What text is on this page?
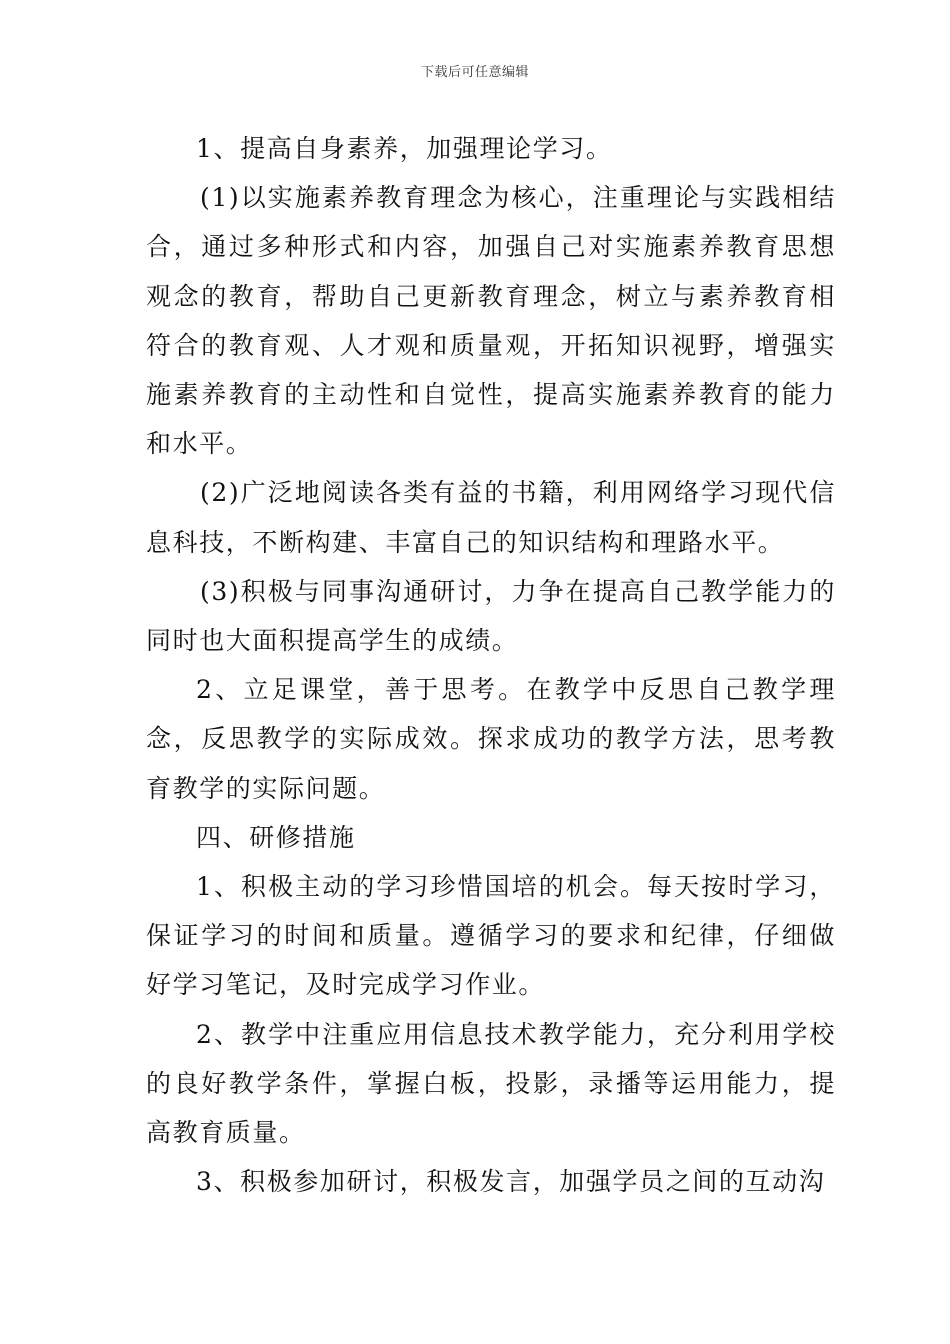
下载后可任意编辑

1、提高自身素养，加强理论学习。

(1)以实施素养教育理念为核心，注重理论与实践相结合，通过多种形式和内容，加强自己对实施素养教育思想观念的教育，帮助自己更新教育理念，树立与素养教育相符合的教育观、人才观和质量观，开拓知识视野，增强实施素养教育的主动性和自觉性，提高实施素养教育的能力和水平。

(2)广泛地阅读各类有益的书籍，利用网络学习现代信息科技，不断构建、丰富自己的知识结构和理路水平。

(3)积极与同事沟通研讨，力争在提高自己教学能力的同时也大面积提高学生的成绩。

2、立足课堂，善于思考。在教学中反思自己教学理念，反思教学的实际成效。探求成功的教学方法，思考教育教学的实际问题。

四、研修措施

1、积极主动的学习珍惜国培的机会。每天按时学习，保证学习的时间和质量。遵循学习的要求和纪律，仔细做好学习笔记，及时完成学习作业。

2、教学中注重应用信息技术教学能力，充分利用学校的良好教学条件，掌握白板，投影，录播等运用能力，提高教育质量。

3、积极参加研讨，积极发言，加强学员之间的互动沟
